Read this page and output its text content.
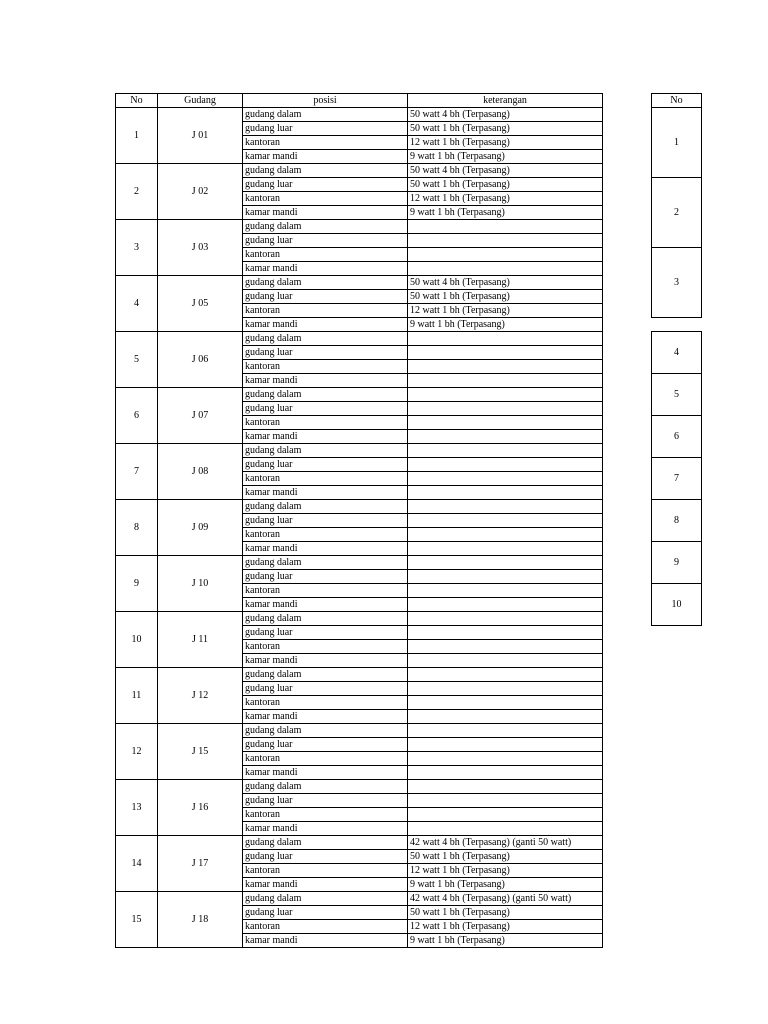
No	Gudang	posisi	keterangan
1	J 01	gudang dalam	50 watt 4 bh (Terpasang)
		gudang luar	50 watt 1 bh (Terpasang)
		kantoran	12 watt 1 bh (Terpasang)
		kamar mandi	9 watt 1 bh (Terpasang)
2	J 02	gudang dalam	50 watt 4 bh (Terpasang)
		gudang luar	50 watt 1 bh (Terpasang)
		kantoran	12 watt 1 bh (Terpasang)
		kamar mandi	9 watt 1 bh (Terpasang)
3	J 03	gudang dalam	
		gudang luar	
		kantoran	
		kamar mandi	
4	J 05	gudang dalam	50 watt 4 bh (Terpasang)
		gudang luar	50 watt 1 bh (Terpasang)
		kantoran	12 watt 1 bh (Terpasang)
		kamar mandi	9 watt 1 bh (Terpasang)
5	J 06	gudang dalam	
		gudang luar	
		kantoran	
		kamar mandi	
6	J 07	gudang dalam	
		gudang luar	
		kantoran	
		kamar mandi	
7	J 08	gudang dalam	
		gudang luar	
		kantoran	
		kamar mandi	
8	J 09	gudang dalam	
		gudang luar	
		kantoran	
		kamar mandi	
9	J 10	gudang dalam	
		gudang luar	
		kantoran	
		kamar mandi	
10	J 11	gudang dalam	
		gudang luar	
		kantoran	
		kamar mandi	
11	J 12	gudang dalam	
		gudang luar	
		kantoran	
		kamar mandi	
12	J 15	gudang dalam	
		gudang luar	
		kantoran	
		kamar mandi	
13	J 16	gudang dalam	
		gudang luar	
		kantoran	
		kamar mandi	
14	J 17	gudang dalam	42 watt 4 bh (Terpasang) (ganti 50 watt)
		gudang luar	50 watt 1 bh (Terpasang)
		kantoran	12 watt 1 bh (Terpasang)
		kamar mandi	9 watt 1 bh (Terpasang)
15	J 18	gudang dalam	42 watt 4 bh (Terpasang) (ganti 50 watt)
		gudang luar	50 watt 1 bh (Terpasang)
		kantoran	12 watt 1 bh (Terpasang)
		kamar mandi	9 watt 1 bh (Terpasang)
No
1
2
3
4
5
6
7
8
9
10
